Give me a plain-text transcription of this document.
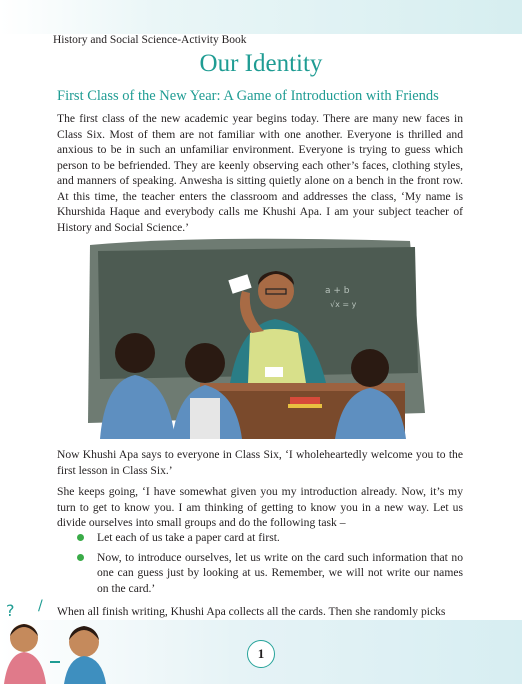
History and Social Science-Activity Book
Our Identity
First Class of the New Year: A Game of Introduction with Friends

The first class of the new academic year begins today. There are many new faces in Class Six. Most of them are not familiar with one another. Everyone is thrilled and anxious to be in such an unfamiliar environment. Everyone is trying to guess which person to be befriended. They are keenly observing each other’s faces, clothing styles, and manners of speaking. Anwesha is sitting quietly alone on a bench in the front row. At this time, the teacher enters the classroom and addresses the class, ‘My name is Khurshida Haque and everybody calls me Khushi Apa. I am your subject teacher of History and Social Science.’

a + b
√x = y

Now Khushi Apa says to everyone in Class Six, ‘I wholeheartedly welcome you to the first lesson in Class Six.’

She keeps going, ‘I have somewhat given you my introduction already. Now, it’s my turn to get to know you. I am thinking of getting to know you in a new way. Let us divide ourselves into small groups and do the following task –

Let each of us take a paper card at first.
Now, to introduce ourselves, let us write on the card such information that no one can guess just by looking at us. Remember, we will not write our names on the card.’
? / When all finish writing, Khushi Apa collects all the cards. Then she randomly picks

1
